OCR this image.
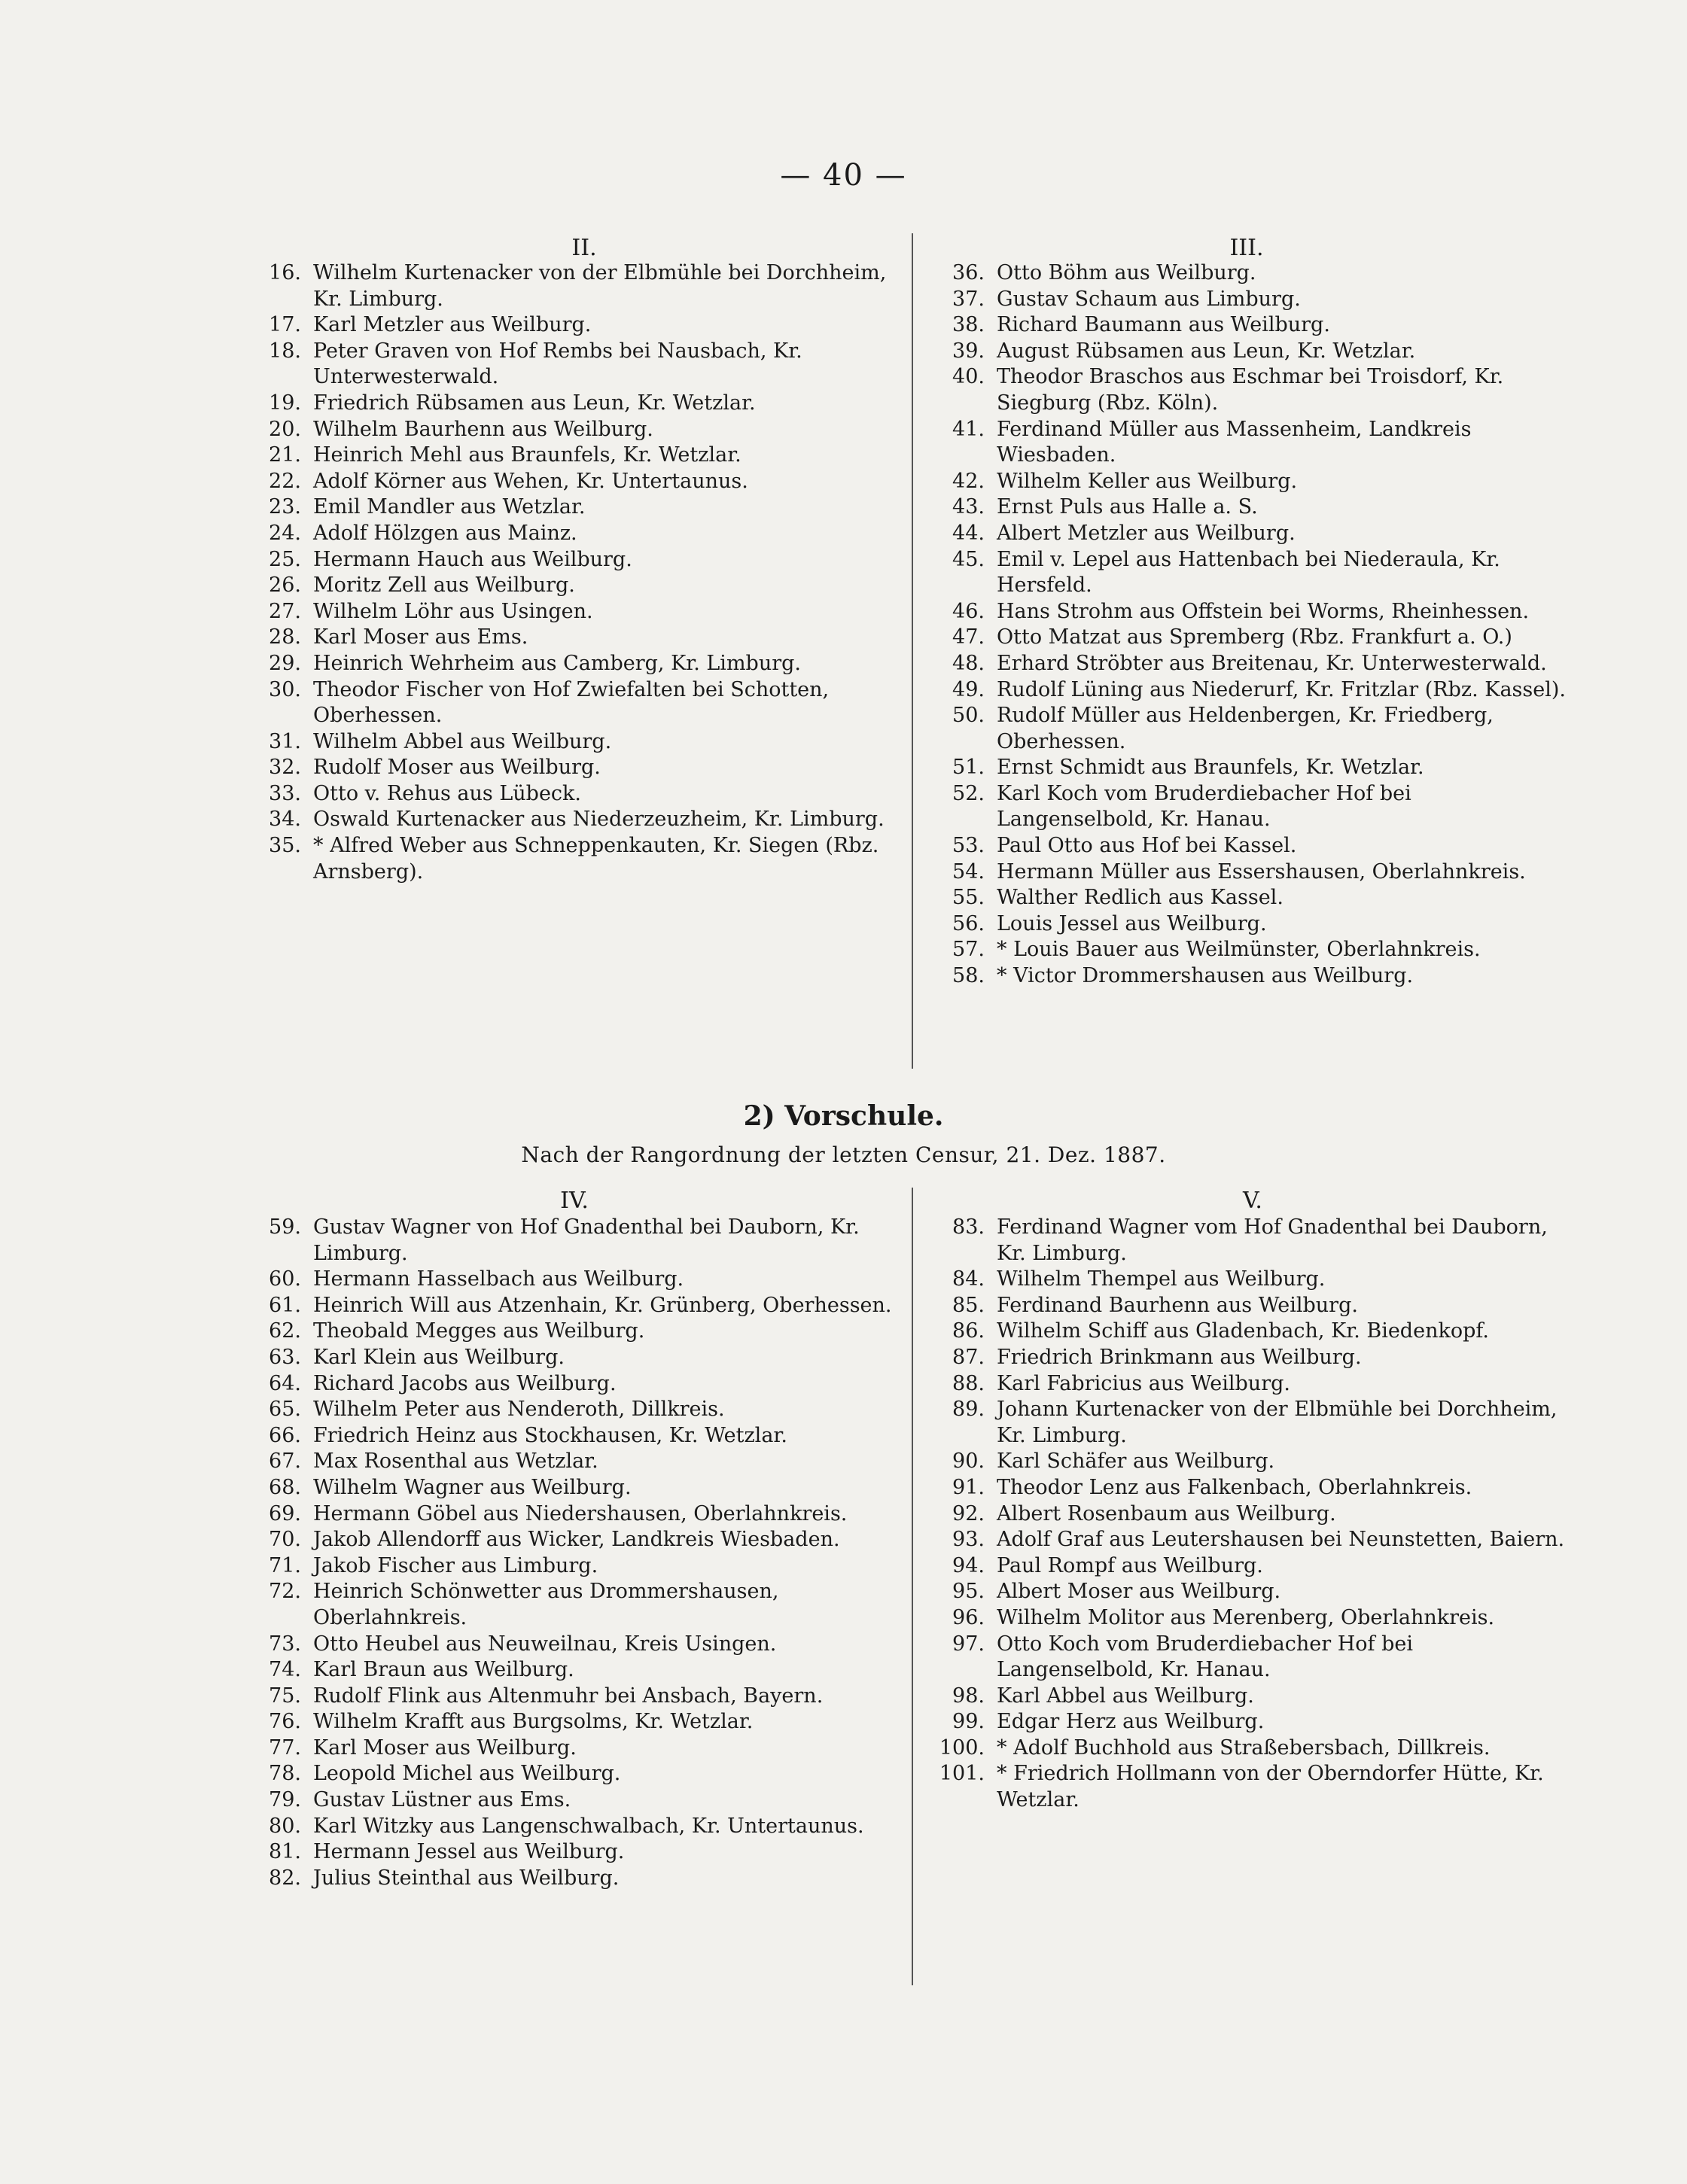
— 40 —
II.
16. Wilhelm Kurtenacker von der Elbmühle bei Dorchheim, Kr. Limburg.
17. Karl Metzler aus Weilburg.
18. Peter Graven von Hof Rembs bei Nausbach, Kr. Unterwesterwald.
19. Friedrich Rübsamen aus Leun, Kr. Wetzlar.
20. Wilhelm Baurhenn aus Weilburg.
21. Heinrich Mehl aus Braunfels, Kr. Wetzlar.
22. Adolf Körner aus Wehen, Kr. Untertaunus.
23. Emil Mandler aus Wetzlar.
24. Adolf Hölzgen aus Mainz.
25. Hermann Hauch aus Weilburg.
26. Moritz Zell aus Weilburg.
27. Wilhelm Löhr aus Usingen.
28. Karl Moser aus Ems.
29. Heinrich Wehrheim aus Camberg, Kr. Limburg.
30. Theodor Fischer von Hof Zwiefalten bei Schotten, Oberhessen.
31. Wilhelm Abbel aus Weilburg.
32. Rudolf Moser aus Weilburg.
33. Otto v. Rehus aus Lübeck.
34. Oswald Kurtenacker aus Niederzeuzheim, Kr. Limburg.
35. * Alfred Weber aus Schneppenkauten, Kr. Siegen (Rbz. Arnsberg).
III.
36. Otto Böhm aus Weilburg.
37. Gustav Schaum aus Limburg.
38. Richard Baumann aus Weilburg.
39. August Rübsamen aus Leun, Kr. Wetzlar.
40. Theodor Braschos aus Eschmar bei Troisdorf, Kr. Siegburg (Rbz. Köln).
41. Ferdinand Müller aus Massenheim, Landkreis Wiesbaden.
42. Wilhelm Keller aus Weilburg.
43. Ernst Puls aus Halle a. S.
44. Albert Metzler aus Weilburg.
45. Emil v. Lepel aus Hattenbach bei Niederaula, Kr. Hersfeld.
46. Hans Strohm aus Offstein bei Worms, Rheinhessen.
47. Otto Matzat aus Spremberg (Rbz. Frankfurt a. O.)
48. Erhard Ströbter aus Breitenau, Kr. Unterwesterwald.
49. Rudolf Lüning aus Niederurf, Kr. Fritzlar (Rbz. Kassel).
50. Rudolf Müller aus Heldenbergen, Kr. Friedberg, Oberhessen.
51. Ernst Schmidt aus Braunfels, Kr. Wetzlar.
52. Karl Koch vom Bruderdiebacher Hof bei Langenselbold, Kr. Hanau.
53. Paul Otto aus Hof bei Kassel.
54. Hermann Müller aus Essershausen, Oberlahnkreis.
55. Walther Redlich aus Kassel.
56. Louis Jessel aus Weilburg.
57. * Louis Bauer aus Weilmünster, Oberlahnkreis.
58. * Victor Drommershausen aus Weilburg.
2) Vorschule.
Nach der Rangordnung der letzten Censur, 21. Dez. 1887.
IV.
59. Gustav Wagner von Hof Gnadenthal bei Dauborn, Kr. Limburg.
60. Hermann Hasselbach aus Weilburg.
61. Heinrich Will aus Atzenhain, Kr. Grünberg, Oberhessen.
62. Theobald Megges aus Weilburg.
63. Karl Klein aus Weilburg.
64. Richard Jacobs aus Weilburg.
65. Wilhelm Peter aus Nenderoth, Dillkreis.
66. Friedrich Heinz aus Stockhausen, Kr. Wetzlar.
67. Max Rosenthal aus Wetzlar.
68. Wilhelm Wagner aus Weilburg.
69. Hermann Göbel aus Niedershausen, Oberlahnkreis.
70. Jakob Allendorff aus Wicker, Landkreis Wiesbaden.
71. Jakob Fischer aus Limburg.
72. Heinrich Schönwetter aus Drommershausen, Oberlahnkreis.
73. Otto Heubel aus Neuweilnau, Kreis Usingen.
74. Karl Braun aus Weilburg.
75. Rudolf Flink aus Altenmuhr bei Ansbach, Bayern.
76. Wilhelm Krafft aus Burgsolms, Kr. Wetzlar.
77. Karl Moser aus Weilburg.
78. Leopold Michel aus Weilburg.
79. Gustav Lüstner aus Ems.
80. Karl Witzky aus Langenschwalbach, Kr. Untertaunus.
81. Hermann Jessel aus Weilburg.
82. Julius Steinthal aus Weilburg.
V.
83. Ferdinand Wagner vom Hof Gnadenthal bei Dauborn, Kr. Limburg.
84. Wilhelm Thempel aus Weilburg.
85. Ferdinand Baurhenn aus Weilburg.
86. Wilhelm Schiff aus Gladenbach, Kr. Biedenkopf.
87. Friedrich Brinkmann aus Weilburg.
88. Karl Fabricius aus Weilburg.
89. Johann Kurtenacker von der Elbmühle bei Dorchheim, Kr. Limburg.
90. Karl Schäfer aus Weilburg.
91. Theodor Lenz aus Falkenbach, Oberlahnkreis.
92. Albert Rosenbaum aus Weilburg.
93. Adolf Graf aus Leutershausen bei Neunstetten, Baiern.
94. Paul Rompf aus Weilburg.
95. Albert Moser aus Weilburg.
96. Wilhelm Molitor aus Merenberg, Oberlahnkreis.
97. Otto Koch vom Bruderdiebacher Hof bei Langenselbold, Kr. Hanau.
98. Karl Abbel aus Weilburg.
99. Edgar Herz aus Weilburg.
100. * Adolf Buchhold aus Straßebersbach, Dillkreis.
101. * Friedrich Hollmann von der Oberndorfer Hütte, Kr. Wetzlar.
